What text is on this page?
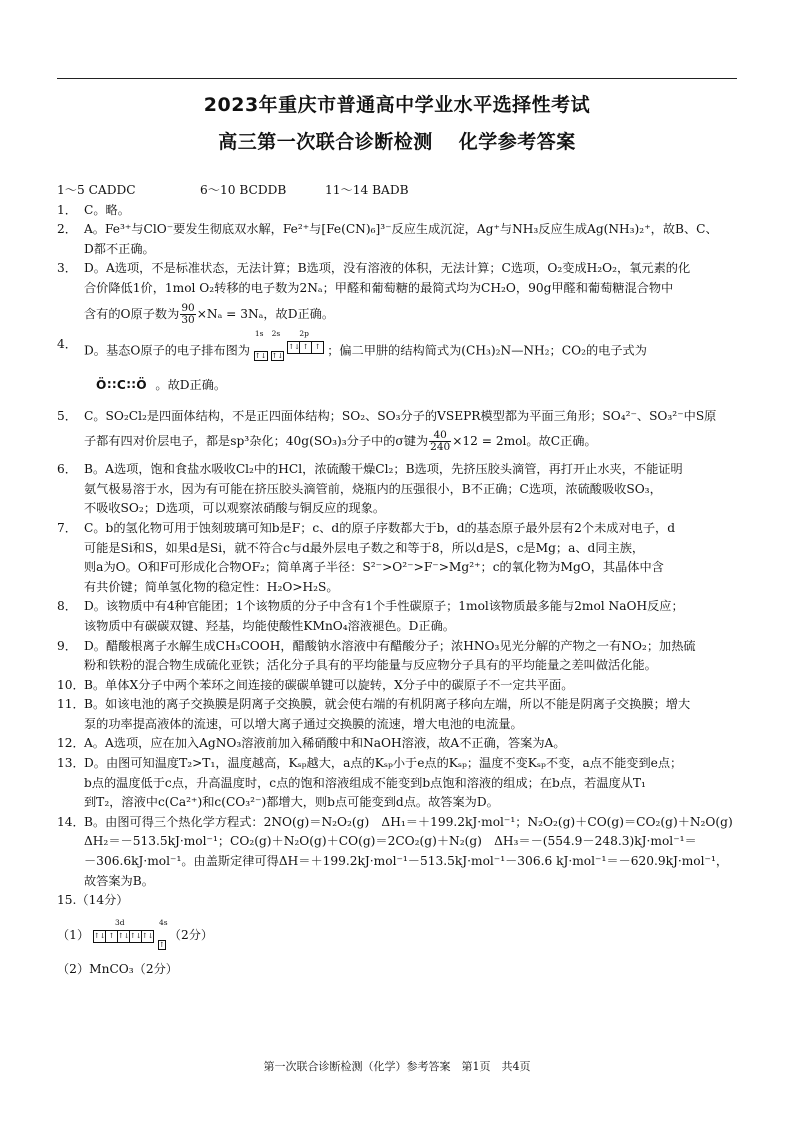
2023年重庆市普通高中学业水平选择性考试
高三第一次联合诊断检测 化学参考答案
1～5 CADDC	6～10 BCDDB	11～14 BADB
1． C。略。

2． A。Fe³⁺与ClO⁻要发生彻底双水解，Fe²⁺与[Fe(CN)₆]³⁻反应生成沉淀，Ag⁺与NH₃反应生成Ag(NH₃)₂⁺，故B、C、

D都不正确。

3． D。A选项，不是标准状态，无法计算；B选项，没有溶液的体积，无法计算；C选项，O₂变成H₂O₂，氧元素的化

合价降低1价，1mol O₂转移的电子数为2Nₐ；甲醛和葡萄糖的最简式均为CH₂O，90g甲醛和葡萄糖混合物中

含有的O原子数为 $\frac{90}{30} \times N_a = 3N_a$，故D正确。

4． D。基态O原子的电子排布图为
1s
↑↓
2s
↑↓
2p
↑↓ ↑ ↑ ；偏二甲肼的结构简式为(CH₃)₂N—NH₂；CO₂的电子式为

Ö∷C∷Ö 。故D正确。

5． C。SO₂Cl₂是四面体结构，不是正四面体结构；SO₂、SO₃分子的VSEPR模型都为平面三角形；SO₄²⁻、SO₃²⁻中S原

子都有四对价层电子，都是sp³杂化；40g(SO₃)₃分子中的σ键为 $\frac{40}{240} \times 12 = 2mol$。故C正确。

6． B。A选项，饱和食盐水吸收Cl₂中的HCl，浓硫酸干燥Cl₂；B选项，先挤压胶头滴管，再打开止水夹，不能证明

氨气极易溶于水，因为有可能在挤压胶头滴管前，烧瓶内的压强很小，B不正确；C选项，浓硫酸吸收SO₃，

不吸收SO₂；D选项，可以观察浓硝酸与铜反应的现象。

7． C。b的氢化物可用于蚀刻玻璃可知b是F；c、d的原子序数都大于b，d的基态原子最外层有2个未成对电子，d

可能是Si和S，如果d是Si，就不符合c与d最外层电子数之和等于8，所以d是S，c是Mg；a、d同主族，

则a为O。O和F可形成化合物OF₂；简单离子半径：S²⁻>O²⁻>F⁻>Mg²⁺；c的氧化物为MgO，其晶体中含

有共价键；简单氢化物的稳定性：H₂O>H₂S。

8． D。该物质中有4种官能团；1个该物质的分子中含有1个手性碳原子；1mol该物质最多能与2mol NaOH反应；

该物质中有碳碳双键、羟基，均能使酸性KMnO₄溶液褪色。D正确。

9． D。醋酸根离子水解生成CH₃COOH，醋酸钠水溶液中有醋酸分子；浓HNO₃见光分解的产物之一有NO₂；加热硫

粉和铁粉的混合物生成硫化亚铁；活化分子具有的平均能量与反应物分子具有的平均能量之差叫做活化能。

10． B。单体X分子中两个苯环之间连接的碳碳单键可以旋转，X分子中的碳原子不一定共平面。

11． B。如该电池的离子交换膜是阴离子交换膜，就会使右端的有机阴离子移向左端，所以不能是阴离子交换膜；增大

泵的功率提高液体的流速，可以增大离子通过交换膜的流速，增大电池的电流量。

12． A。A选项，应在加入AgNO₃溶液前加入稀硝酸中和NaOH溶液，故A不正确，答案为A。

13． D。由图可知温度T₂>T₁，温度越高，Kₛₚ越大，a点的Kₛₚ小于e点的Kₛₚ；温度不变Kₛₚ不变，a点不能变到e点；

b点的温度低于c点，升高温度时，c点的饱和溶液组成不能变到b点饱和溶液的组成；在b点，若温度从T₁

到T₂，溶液中c(Ca²⁺)和c(CO₃²⁻)都增大，则b点可能变到d点。故答案为D。

14． B。由图可得三个热化学方程式：2NO(g)＝N₂O₂(g)　ΔH₁＝＋199.2kJ·mol⁻¹；N₂O₂(g)＋CO(g)＝CO₂(g)＋N₂O(g)

ΔH₂＝－513.5kJ·mol⁻¹；CO₂(g)＋N₂O(g)＋CO(g)＝2CO₂(g)＋N₂(g)　ΔH₃＝－(554.9－248.3)kJ·mol⁻¹＝

－306.6kJ·mol⁻¹。由盖斯定律可得ΔH＝＋199.2kJ·mol⁻¹－513.5kJ·mol⁻¹－306.6 kJ·mol⁻¹＝－620.9kJ·mol⁻¹，

故答案为B。

15.（14分）
（1）
3d
↑↓ ↑ ↑↓ ↑↓ ↑↓
4s
↑
（2分）
（2）MnCO₃（2分）
第一次联合诊断检测（化学）参考答案　第1页　共4页
